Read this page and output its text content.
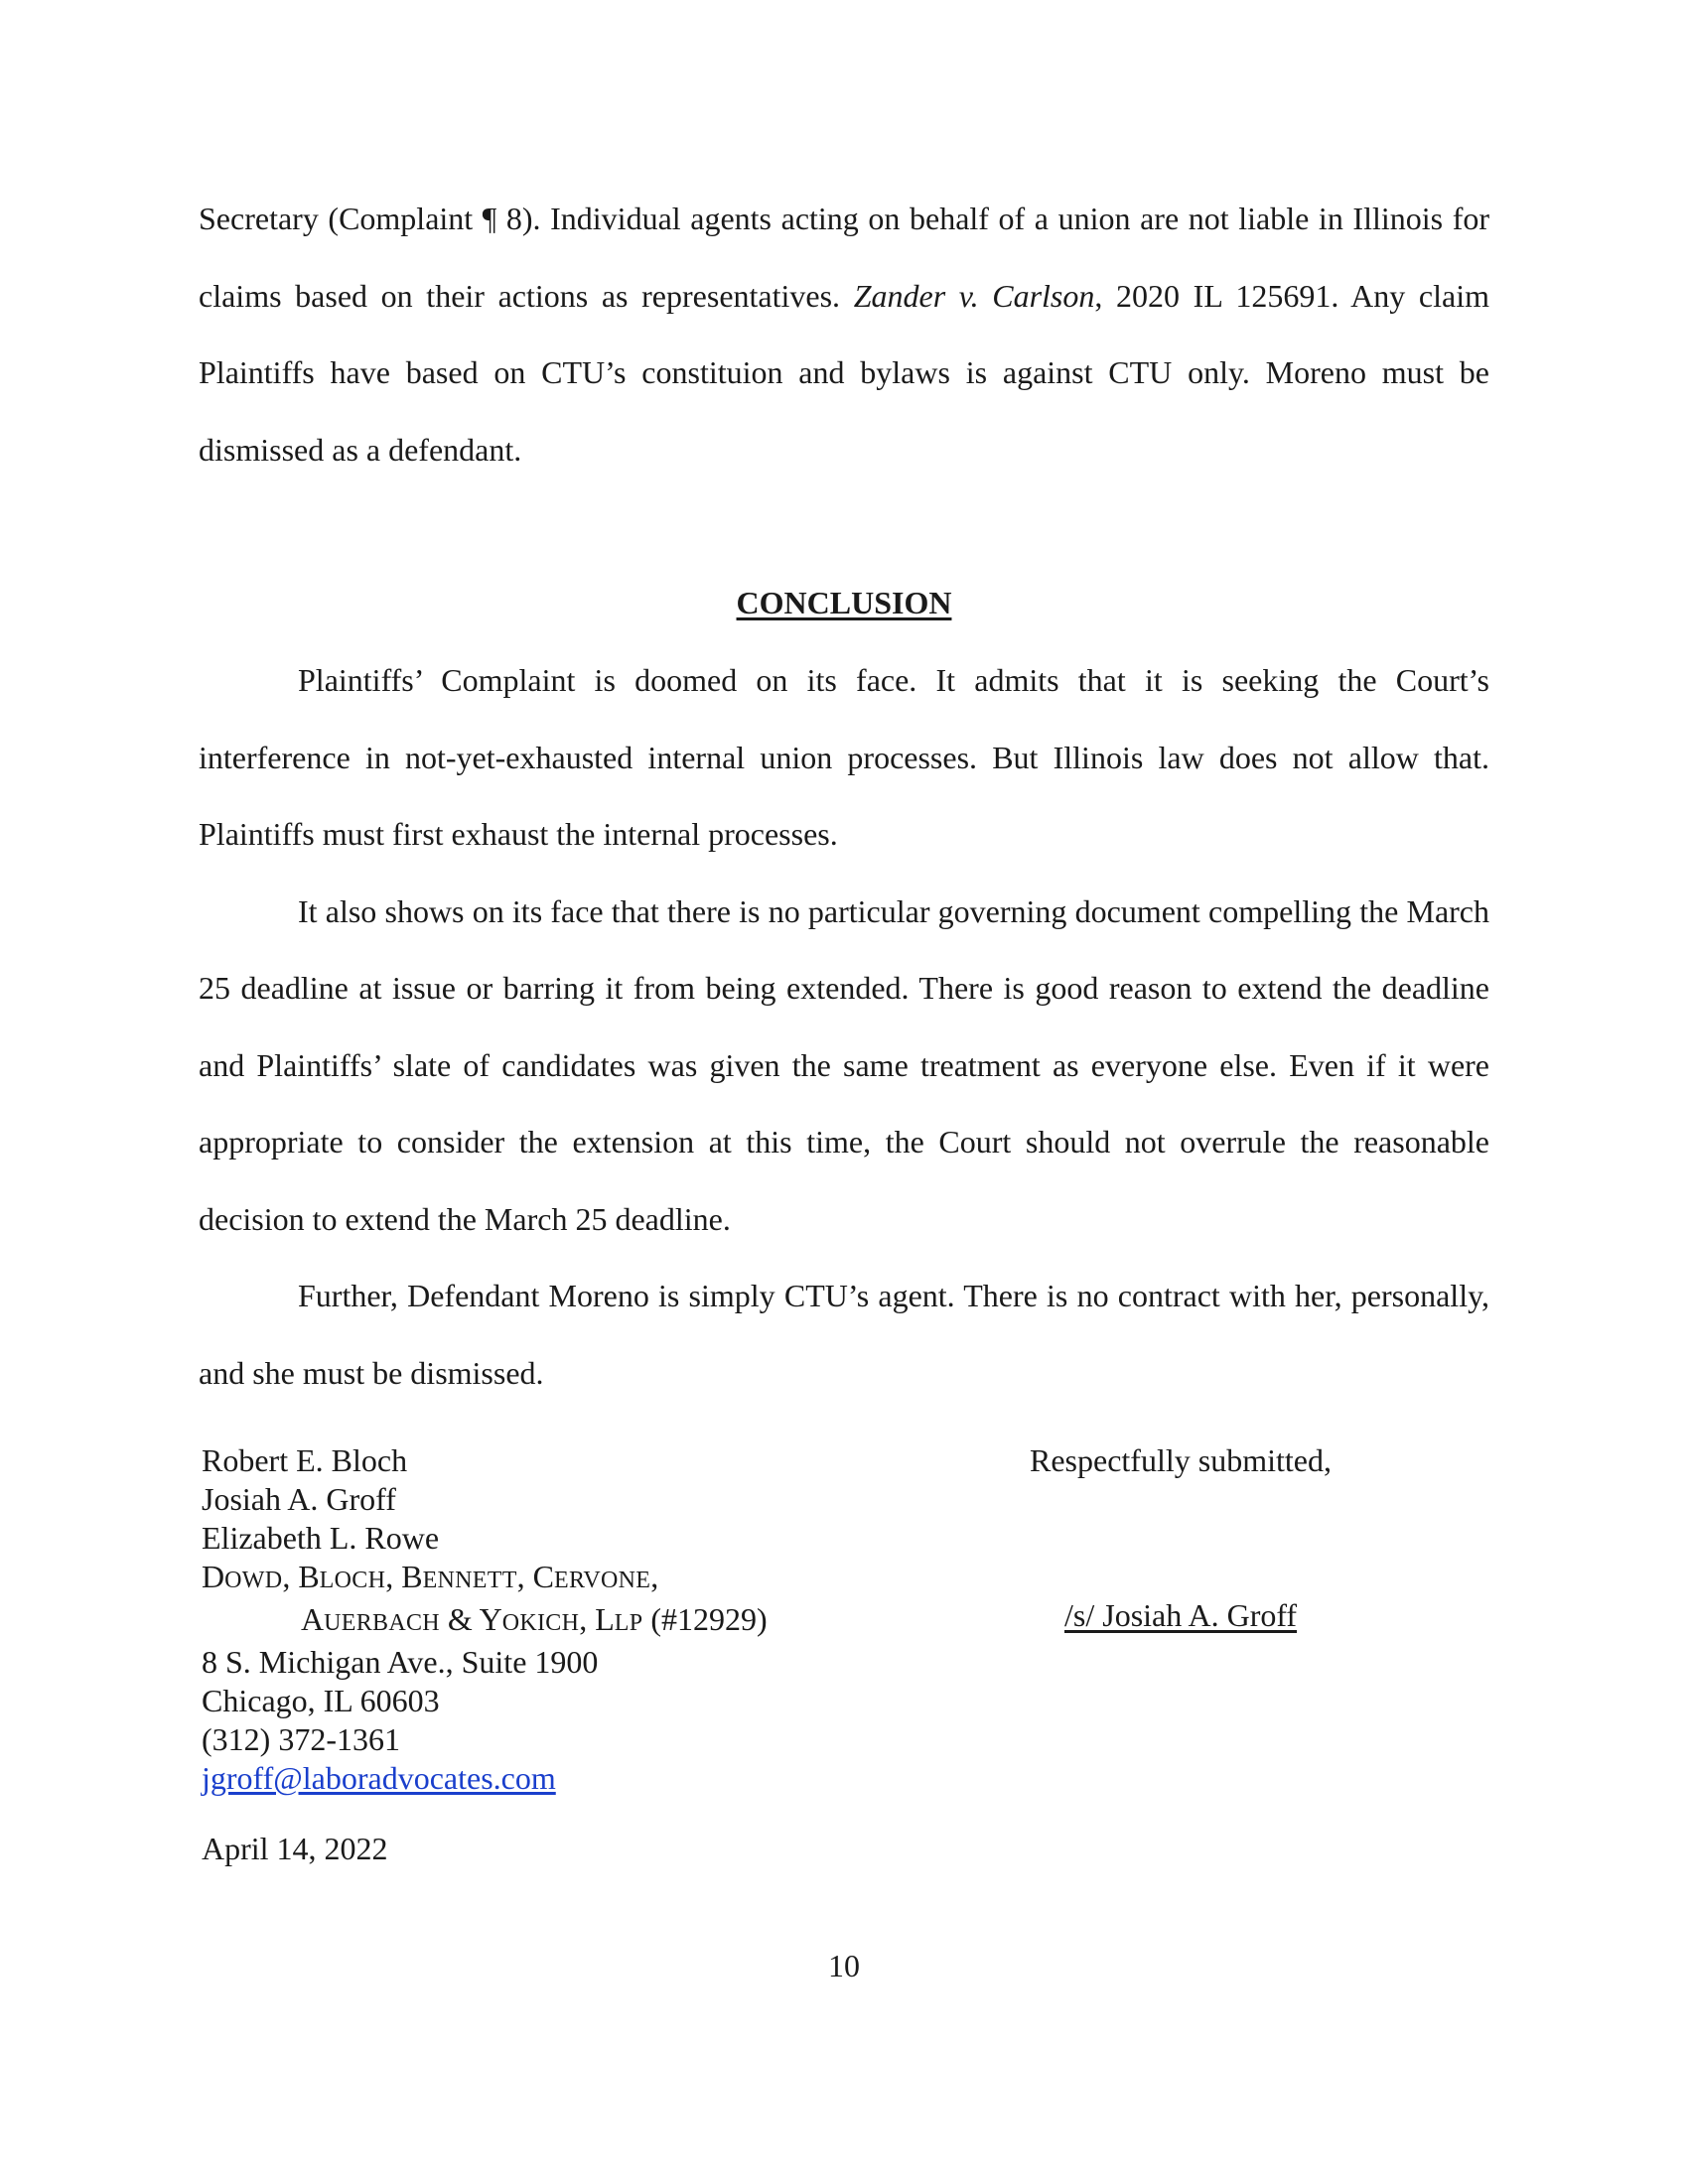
Secretary (Complaint ¶ 8). Individual agents acting on behalf of a union are not liable in Illinois for claims based on their actions as representatives. Zander v. Carlson, 2020 IL 125691. Any claim Plaintiffs have based on CTU’s constituion and bylaws is against CTU only. Moreno must be dismissed as a defendant.

CONCLUSION

Plaintiffs’ Complaint is doomed on its face. It admits that it is seeking the Court’s interference in not-yet-exhausted internal union processes. But Illinois law does not allow that. Plaintiffs must first exhaust the internal processes.

It also shows on its face that there is no particular governing document compelling the March 25 deadline at issue or barring it from being extended. There is good reason to extend the deadline and Plaintiffs’ slate of candidates was given the same treatment as everyone else. Even if it were appropriate to consider the extension at this time, the Court should not overrule the reasonable decision to extend the March 25 deadline.

Further, Defendant Moreno is simply CTU’s agent. There is no contract with her, personally, and she must be dismissed.

Robert E. Bloch
Josiah A. Groff
Elizabeth L. Rowe
DOWD, BLOCH, BENNETT, CERVONE,
AUERBACH & YOKICH, LLP (#12929)
8 S. Michigan Ave., Suite 1900
Chicago, IL 60603
(312) 372-1361
jgroff@laboradvocates.com
April 14, 2022
Respectfully submitted,
/s/ Josiah A. Groff
10
